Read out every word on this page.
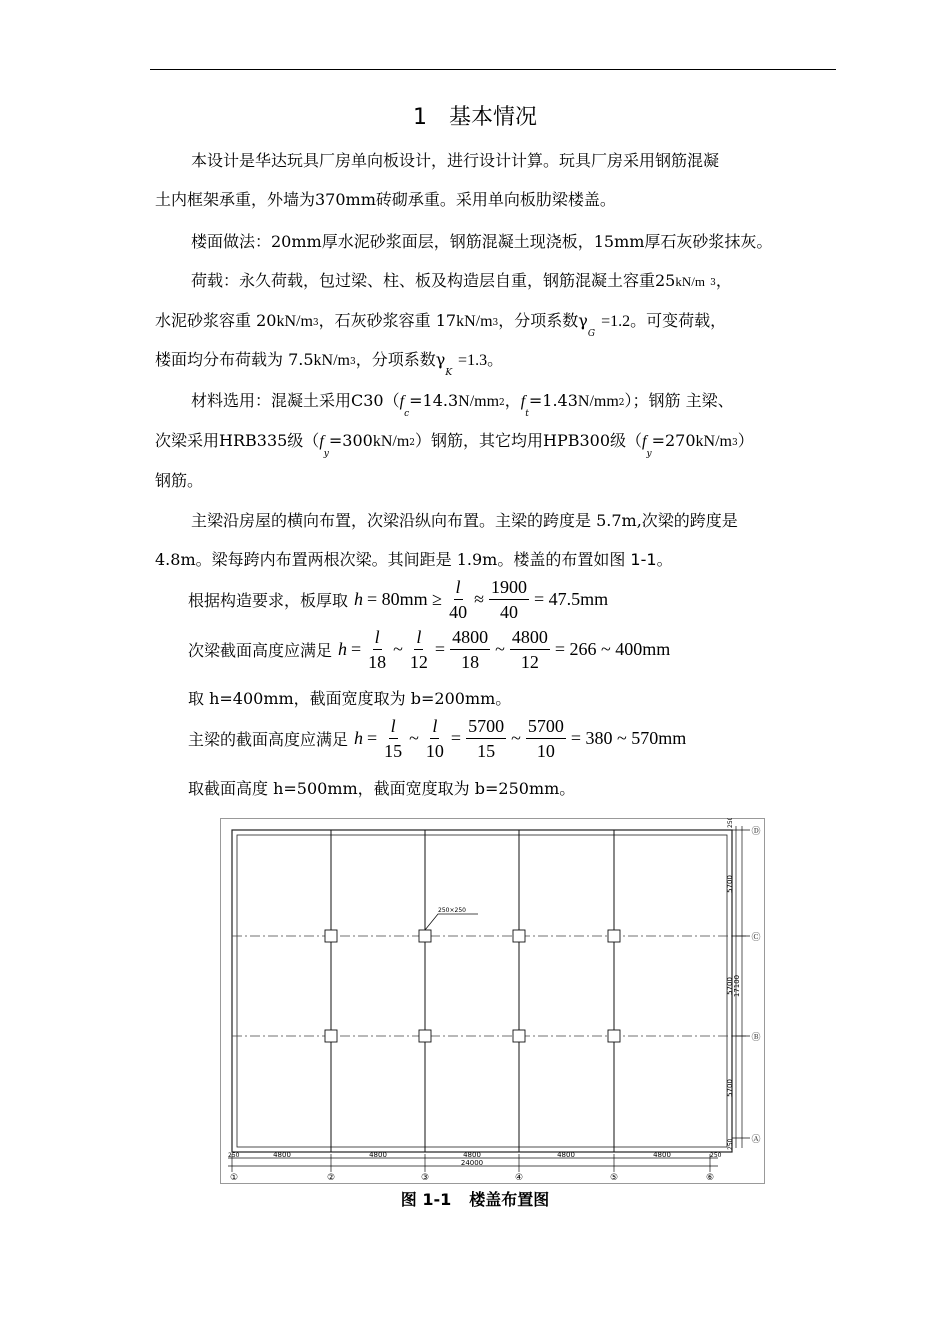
1 基本情况
本设计是华达玩具厂房单向板设计，进行设计计算。玩具厂房采用钢筋混凝
土内框架承重，外墙为370mm砖砌承重。采用单向板肋梁楼盖。
楼面做法：20mm厚水泥砂浆面层，钢筋混凝土现浇板，15mm厚石灰砂浆抹灰。
荷载：永久荷载，包过梁、柱、板及构造层自重，钢筋混凝土容重25kN/m 3，
水泥砂浆容重 20kN/m3，石灰砂浆容重 17kN/m3，分项系数$\gamma_G=1.2$。可变荷载，
楼面均分布荷载为 7.5kN/m3，分项系数$\gamma_K=1.3$。
材料选用：混凝土采用$C30(f_c=14.3N/mm2$，$f_t=1.43N/mm2$）；钢筋 主梁、
次梁采用HRB335级$(f_y=300kN/m2)$钢筋，其它均用HPB300级$(f_y=270kN/m3)$
钢筋。
主梁沿房屋的横向布置，次梁沿纵向布置。主梁的跨度是 5.7m,次梁的跨度是
4.8m。梁每跨内布置两根次梁。其间距是 1.9m。楼盖的布置如图 1-1。
根据构造要求，板厚取 $h = 80mm \ge \frac{l}{40} \approx \frac{1900}{40} = 47.5mm$
次梁截面高度应满足 $h = \frac{l}{18}$ ~ $\frac{l}{12} = \frac{4800}{18}$ ~ $\frac{4800}{12} = 266$ ~ 400mm
取 h=400mm，截面宽度取为 b=200mm。
主梁的截面高度应满足 $h = \frac{l}{15}$ ~ $\frac{l}{10} = \frac{5700}{15}$ ~ $\frac{5700}{10} = 380$ ~ 570mm
取截面高度 h=500mm，截面宽度取为 b=250mm。
250×250
250	250
4800	4800	4800	4800	4800
24000
①	②	③	④	⑤	⑥
250
250
5700
5700
5700
17100
Ⓓ
Ⓒ
Ⓑ
Ⓐ
图 1-1 楼盖布置图
